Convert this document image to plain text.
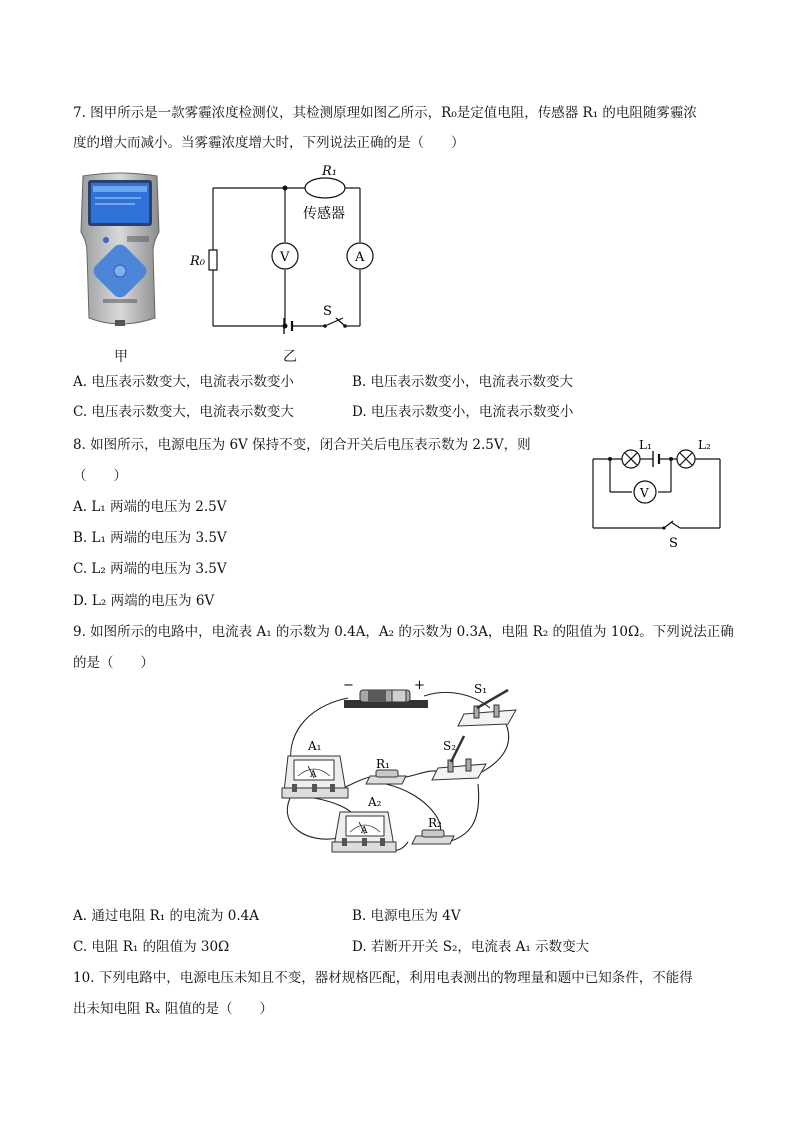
7. 图甲所示是一款雾霾浓度检测仪，其检测原理如图乙所示，R₀是定值电阻，传感器 R₁ 的电阻随雾霾浓
度的增大而减小。当雾霾浓度增大时，下列说法正确的是（　　）
甲
R₁
传感器
R₀	V	A
S
乙
A. 电压表示数变大，电流表示数变小	B. 电压表示数变小，电流表示数变大
C. 电压表示数变大，电流表示数变大	D. 电压表示数变小，电流表示数变小
8. 如图所示，电源电压为 6V 保持不变，闭合开关后电压表示数为 2.5V，则
（　　）
L₁	L₂
V
S
A. L₁ 两端的电压为 2.5V
B. L₁ 两端的电压为 3.5V
C. L₂ 两端的电压为 3.5V
D. L₂ 两端的电压为 6V
9. 如图所示的电路中，电流表 A₁ 的示数为 0.4A，A₂ 的示数为 0.3A，电阻 R₂ 的阻值为 10Ω。下列说法正确
的是（　　）
−	+	S₁
S₂
A
A₁
R₁
A
A₂
R₂
A. 通过电阻 R₁ 的电流为 0.4A	B. 电源电压为 4V
C. 电阻 R₁ 的阻值为 30Ω	D. 若断开开关 S₂，电流表 A₁ 示数变大
10. 下列电路中，电源电压未知且不变，器材规格匹配，利用电表测出的物理量和题中已知条件，不能得
出未知电阻 Rₓ 阻值的是（　　）
